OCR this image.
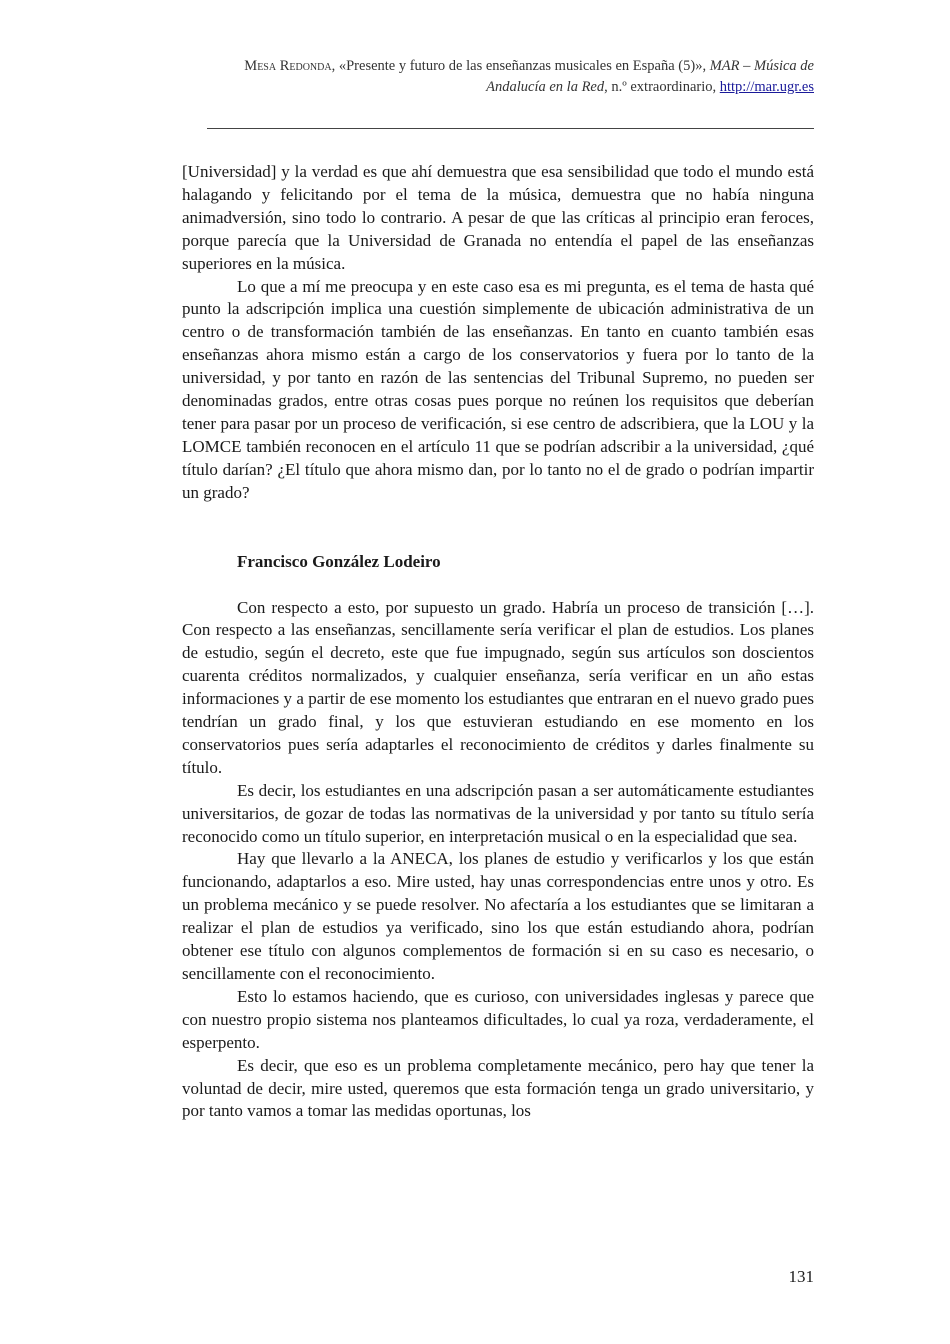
Mesa Redonda, «Presente y futuro de las enseñanzas musicales en España (5)», MAR – Música de Andalucía en la Red, n.º extraordinario, http://mar.ugr.es

[Universidad] y la verdad es que ahí demuestra que esa sensibilidad que todo el mundo está halagando y felicitando por el tema de la música, demuestra que no había ninguna animadversión, sino todo lo contrario. A pesar de que las críticas al principio eran feroces, porque parecía que la Universidad de Granada no entendía el papel de las enseñanzas superiores en la música.

Lo que a mí me preocupa y en este caso esa es mi pregunta, es el tema de hasta qué punto la adscripción implica una cuestión simplemente de ubicación administrativa de un centro o de transformación también de las enseñanzas. En tanto en cuanto también esas enseñanzas ahora mismo están a cargo de los conservatorios y fuera por lo tanto de la universidad, y por tanto en razón de las sentencias del Tribunal Supremo, no pueden ser denominadas grados, entre otras cosas pues porque no reúnen los requisitos que deberían tener para pasar por un proceso de verificación, si ese centro de adscribiera, que la LOU y la LOMCE también reconocen en el artículo 11 que se podrían adscribir a la universidad, ¿qué título darían? ¿El título que ahora mismo dan, por lo tanto no el de grado o podrían impartir un grado?

Francisco González Lodeiro

Con respecto a esto, por supuesto un grado. Habría un proceso de transición […]. Con respecto a las enseñanzas, sencillamente sería verificar el plan de estudios. Los planes de estudio, según el decreto, este que fue impugnado, según sus artículos son doscientos cuarenta créditos normalizados, y cualquier enseñanza, sería verificar en un año estas informaciones y a partir de ese momento los estudiantes que entraran en el nuevo grado pues tendrían un grado final, y los que estuvieran estudiando en ese momento en los conservatorios pues sería adaptarles el reconocimiento de créditos y darles finalmente su título.

Es decir, los estudiantes en una adscripción pasan a ser automáticamente estudiantes universitarios, de gozar de todas las normativas de la universidad y por tanto su título sería reconocido como un título superior, en interpretación musical o en la especialidad que sea.

Hay que llevarlo a la ANECA, los planes de estudio y verificarlos y los que están funcionando, adaptarlos a eso. Mire usted, hay unas correspondencias entre unos y otro. Es un problema mecánico y se puede resolver. No afectaría a los estudiantes que se limitaran a realizar el plan de estudios ya verificado, sino los que están estudiando ahora, podrían obtener ese título con algunos complementos de formación si en su caso es necesario, o sencillamente con el reconocimiento.

Esto lo estamos haciendo, que es curioso, con universidades inglesas y parece que con nuestro propio sistema nos planteamos dificultades, lo cual ya roza, verdaderamente, el esperpento.

Es decir, que eso es un problema completamente mecánico, pero hay que tener la voluntad de decir, mire usted, queremos que esta formación tenga un grado universitario, y por tanto vamos a tomar las medidas oportunas, los

131
